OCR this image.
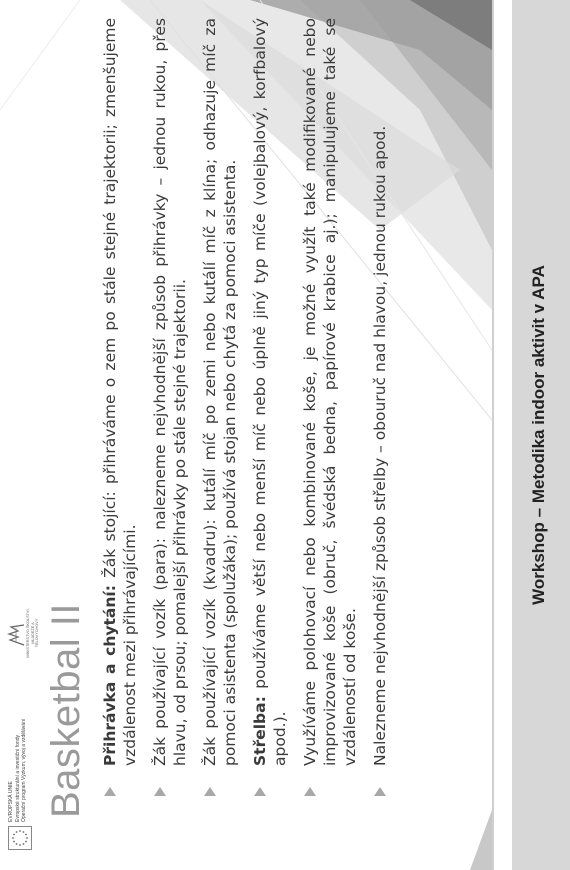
EVROPSKÁ UNIE Evropské strukturální a investiční fondy Operační program Výzkum, vývoj a vzdělávání
MINISTERSTVO ŠKOLSTVÍ, MLÁDEŽE A TĚLOVÝCHOVY Basketbal II Přihrávka a chytání: Žák stojící: přihráváme o zem po stále stejné trajektorii; zmenšujeme vzdálenost mezi přihrávajícími. Žák používající vozík (para): nalezneme nejvhodnější způsob přihrávky – jednou rukou, přes hlavu, od prsou; pomalejší přihrávky po stále stejné trajektorii. Žák používající vozík (kvadru): kutálí míč po zemi nebo kutálí míč z klína; odhazuje míč za pomoci asistenta (spolužáka); používá stojan nebo chytá za pomoci asistenta. Střelba: používáme větší nebo menší míč nebo úplně jiný typ míče (volejbalový, korfbalový apod.). Využíváme polohovací nebo kombinované koše, je možné využít také modifikované nebo improvizované koše (obruč, švédská bedna, papírové krabice aj.); manipulujeme také se vzdáleností od koše. Nalezneme nejvhodnější způsob střelby – obouruč nad hlavou, jednou rukou apod.	Workshop – Metodika indoor aktivit v APA
